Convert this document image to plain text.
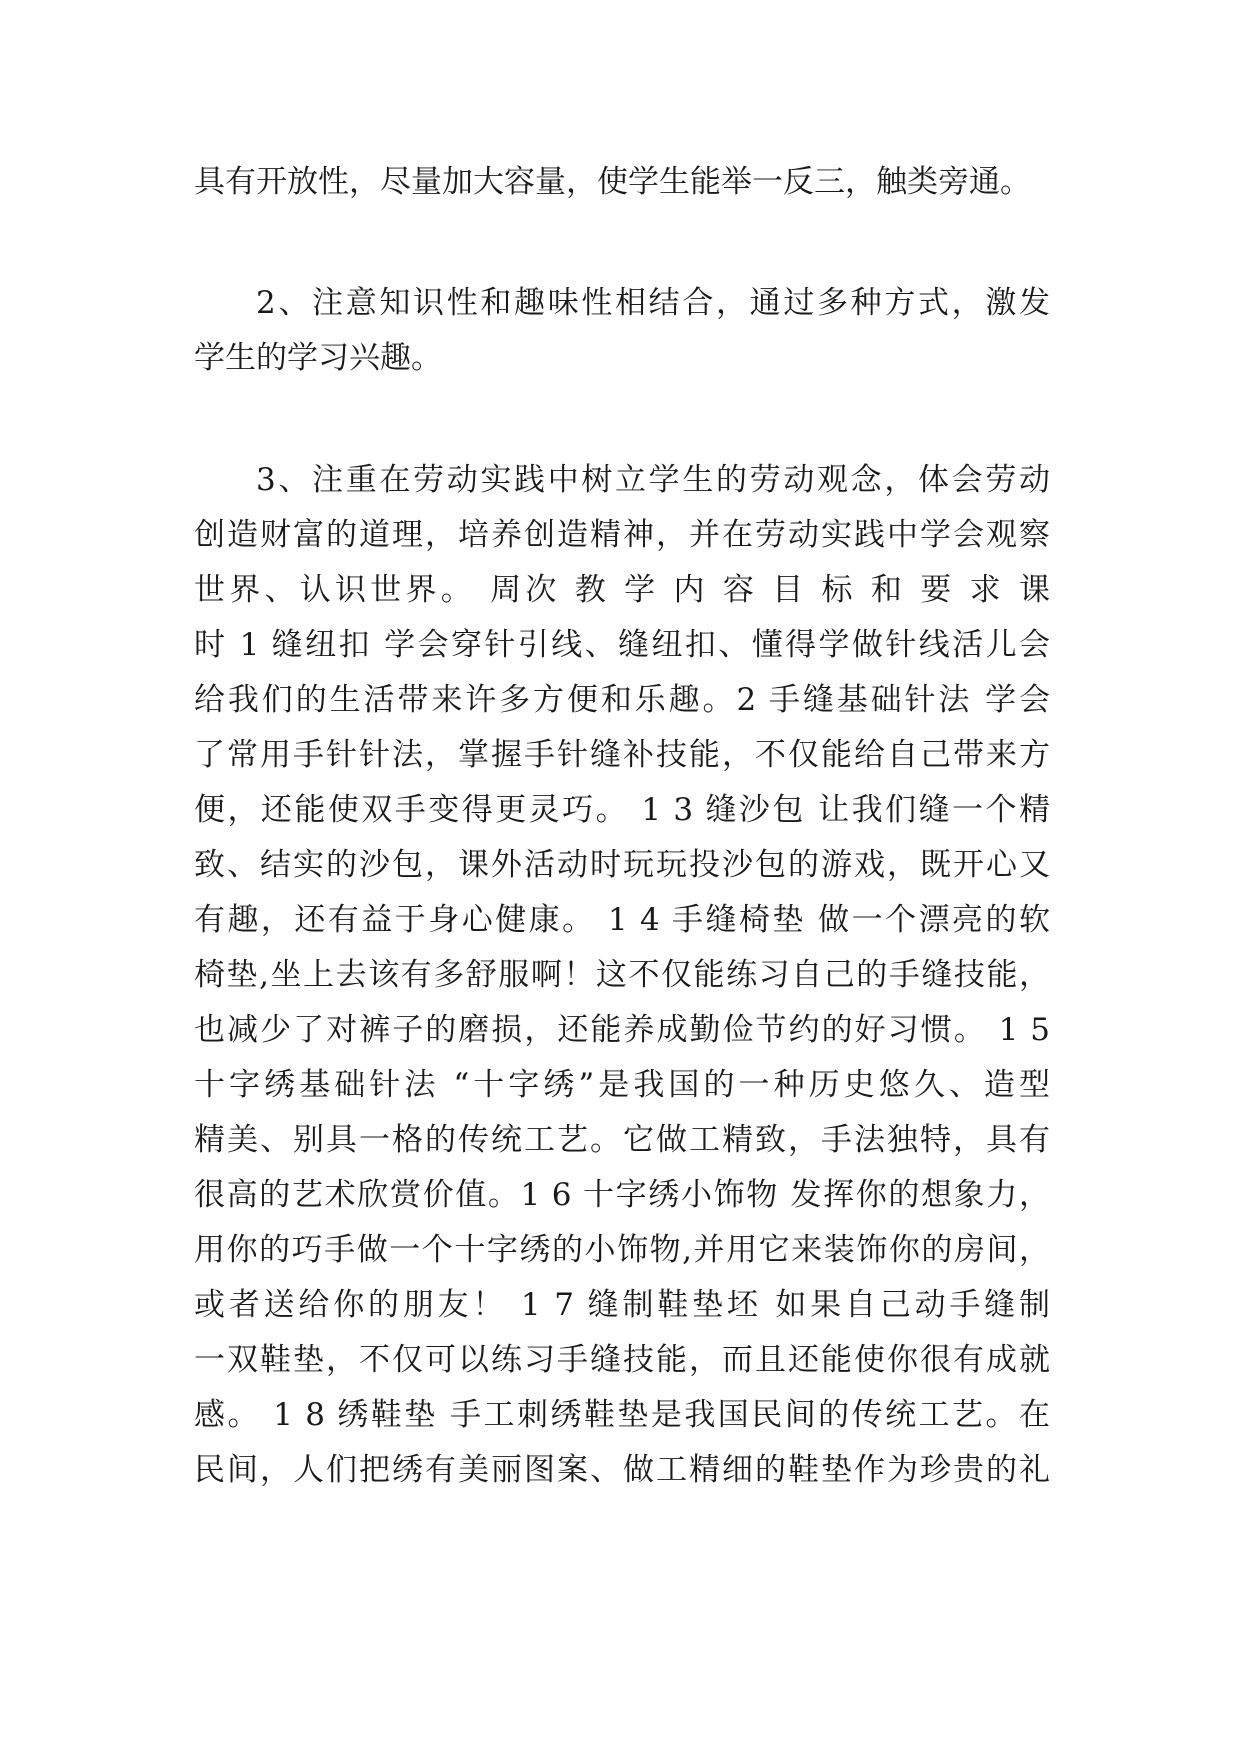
具有开放性，尽量加大容量，使学生能举一反三，触类旁通。
2、注意知识性和趣味性相结合，通过多种方式，激发
学生的学习兴趣。
3、注重在劳动实践中树立学生的劳动观念，体会劳动
创造财富的道理，培养创造精神，并在劳动实践中学会观察
世界、认识世界。 周次 教 学 内 容 目 标 和 要 求 课
时 1 缝纽扣 学会穿针引线、缝纽扣、懂得学做针线活儿会
给我们的生活带来许多方便和乐趣。2 手缝基础针法 学会
了常用手针针法，掌握手针缝补技能，不仅能给自己带来方
便，还能使双手变得更灵巧。 1 3 缝沙包 让我们缝一个精
致、结实的沙包，课外活动时玩玩投沙包的游戏，既开心又
有趣，还有益于身心健康。 1 4 手缝椅垫 做一个漂亮的软
椅垫,坐上去该有多舒服啊！这不仅能练习自己的手缝技能，
也减少了对裤子的磨损，还能养成勤俭节约的好习惯。 1 5
十字绣基础针法 “十字绣”是我国的一种历史悠久、造型
精美、别具一格的传统工艺。它做工精致，手法独特，具有
很高的艺术欣赏价值。1 6 十字绣小饰物 发挥你的想象力，
用你的巧手做一个十字绣的小饰物,并用它来装饰你的房间，
或者送给你的朋友！ 1 7 缝制鞋垫坯 如果自己动手缝制
一双鞋垫，不仅可以练习手缝技能，而且还能使你很有成就
感。 1 8 绣鞋垫 手工刺绣鞋垫是我国民间的传统工艺。在
民间，人们把绣有美丽图案、做工精细的鞋垫作为珍贵的礼
